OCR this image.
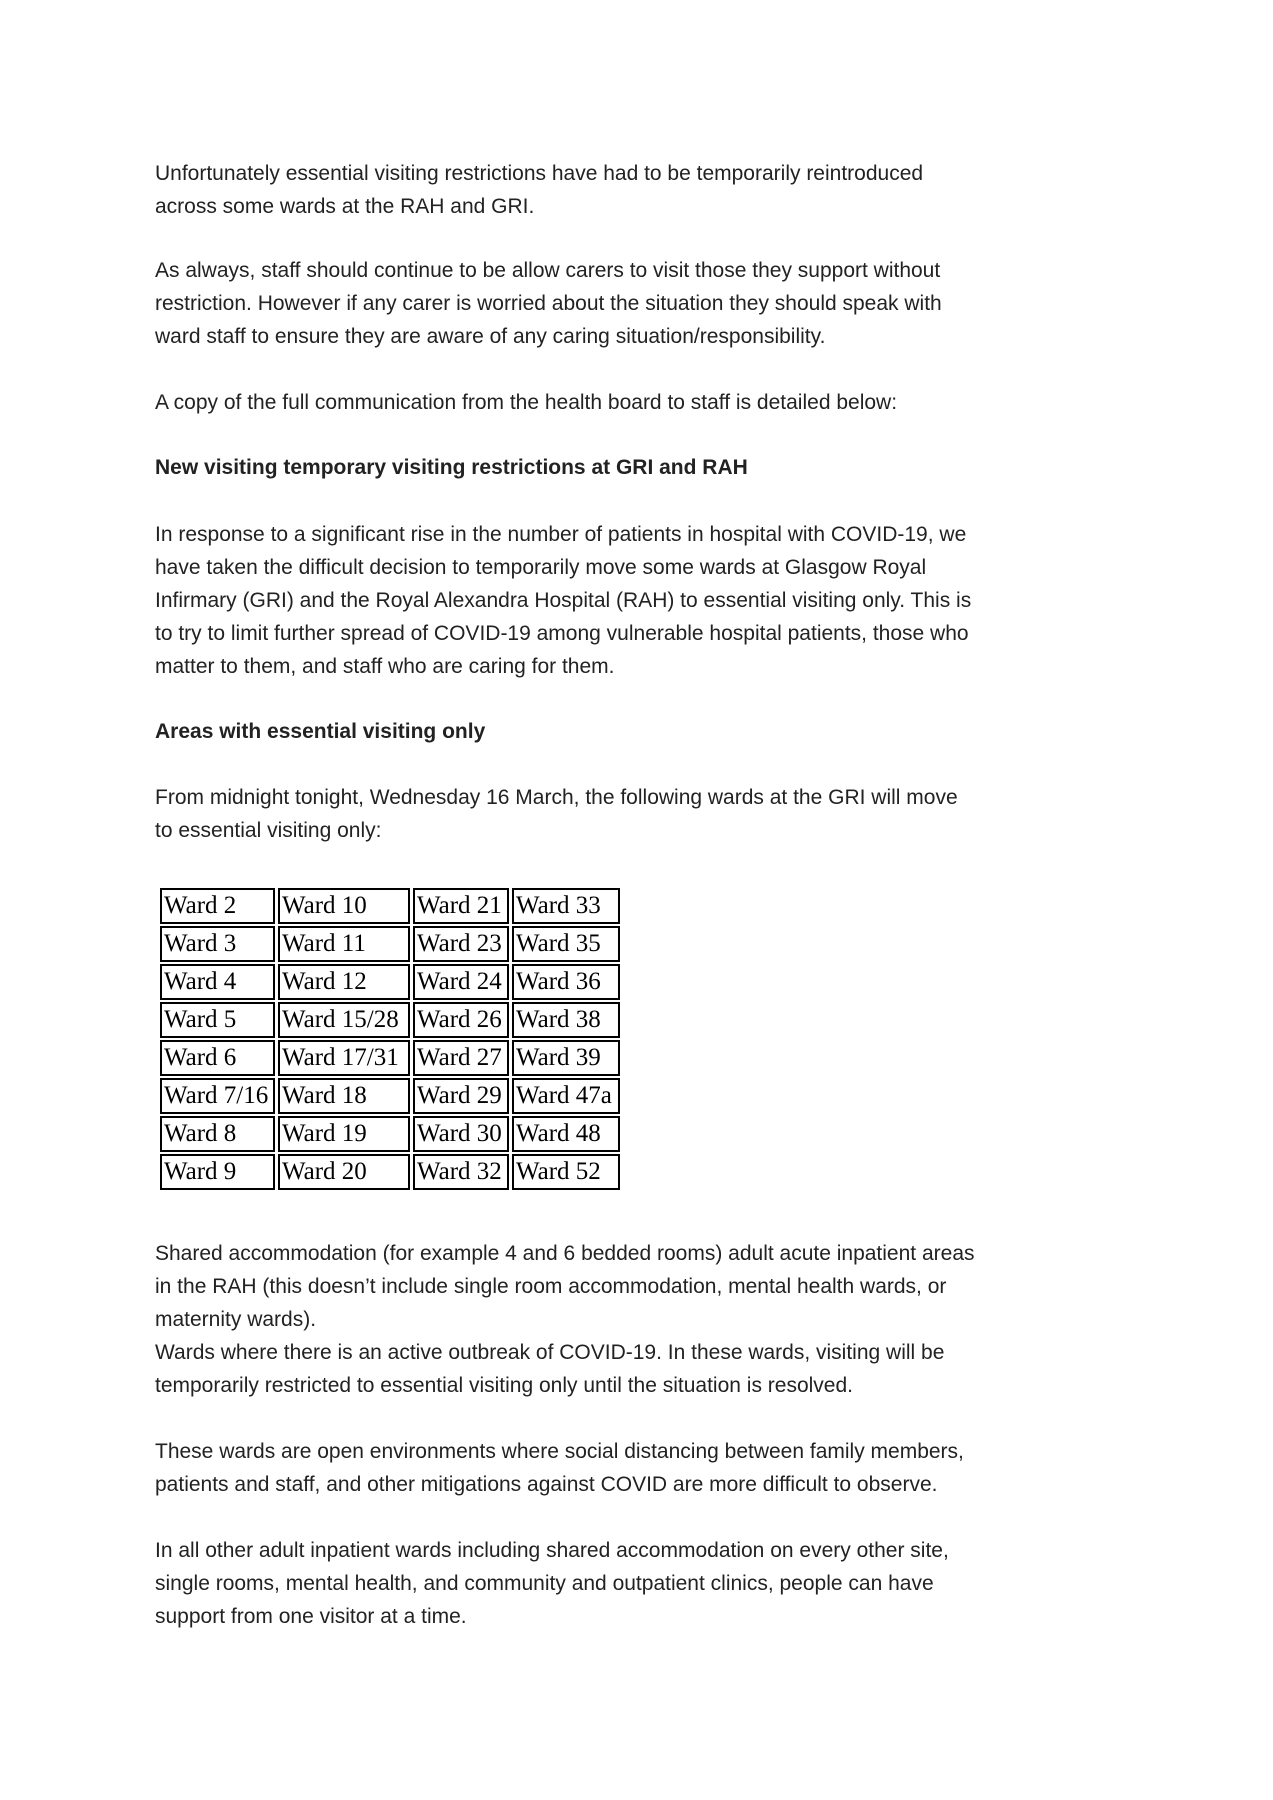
Unfortunately essential visiting restrictions have had to be temporarily reintroduced
across some wards at the RAH and GRI.
As always, staff should continue to be allow carers to visit those they support without
restriction. However if any carer is worried about the situation they should speak with
ward staff to ensure they are aware of any caring situation/responsibility.
A copy of the full communication from the health board to staff is detailed below:
New visiting temporary visiting restrictions at GRI and RAH
In response to a significant rise in the number of patients in hospital with COVID-19, we
have taken the difficult decision to temporarily move some wards at Glasgow Royal
Infirmary (GRI) and the Royal Alexandra Hospital (RAH) to essential visiting only. This is
to try to limit further spread of COVID-19 among vulnerable hospital patients, those who
matter to them, and staff who are caring for them.
Areas with essential visiting only
From midnight tonight, Wednesday 16 March, the following wards at the GRI will move
to essential visiting only:
Ward 2	Ward 10	Ward 21	Ward 33
Ward 3	Ward 11	Ward 23	Ward 35
Ward 4	Ward 12	Ward 24	Ward 36
Ward 5	Ward 15/28	Ward 26	Ward 38
Ward 6	Ward 17/31	Ward 27	Ward 39
Ward 7/16	Ward 18	Ward 29	Ward 47a
Ward 8	Ward 19	Ward 30	Ward 48
Ward 9	Ward 20	Ward 32	Ward 52
Shared accommodation (for example 4 and 6 bedded rooms) adult acute inpatient areas
in the RAH (this doesn’t include single room accommodation, mental health wards, or
maternity wards).
Wards where there is an active outbreak of COVID-19. In these wards, visiting will be
temporarily restricted to essential visiting only until the situation is resolved.
These wards are open environments where social distancing between family members,
patients and staff, and other mitigations against COVID are more difficult to observe.
In all other adult inpatient wards including shared accommodation on every other site,
single rooms, mental health, and community and outpatient clinics, people can have
support from one visitor at a time.
